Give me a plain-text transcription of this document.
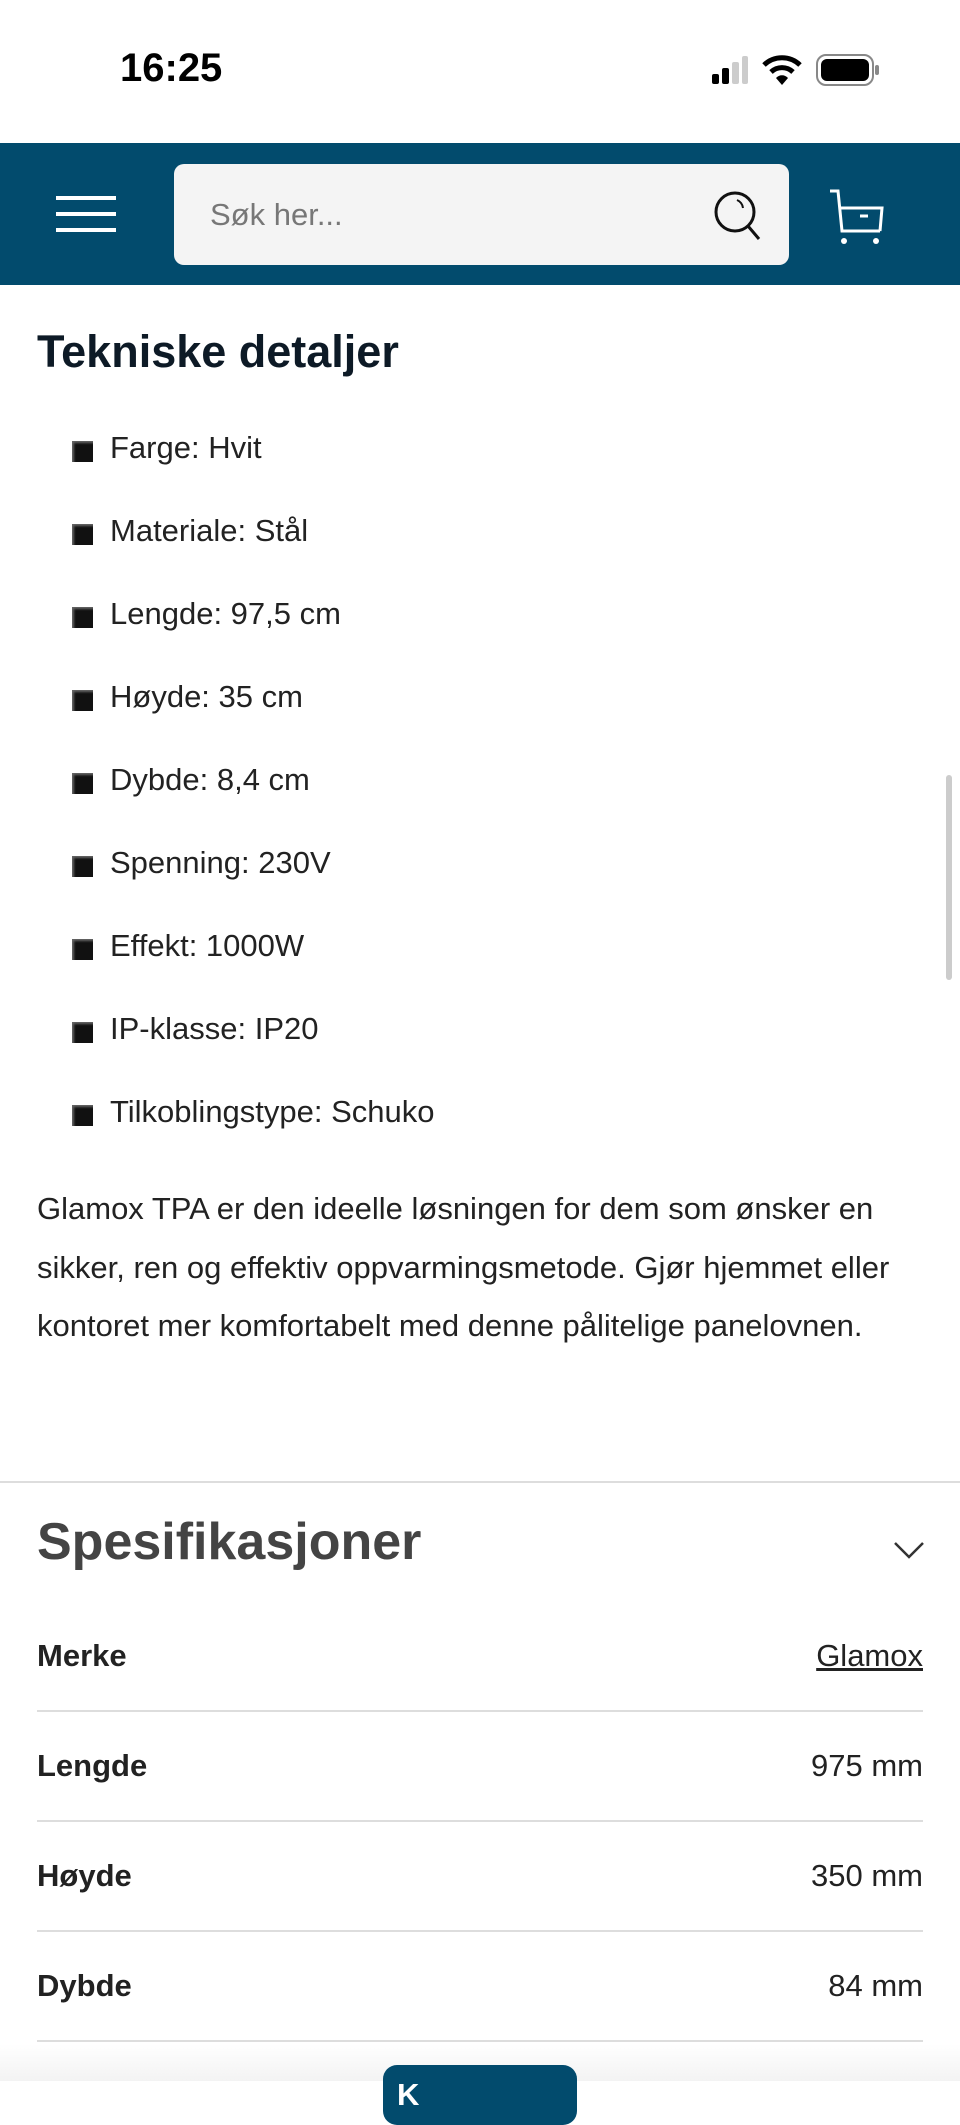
16:25
Søk her...
Tekniske detaljer
Farge: Hvit
Materiale: Stål
Lengde: 97,5 cm
Høyde: 35 cm
Dybde: 8,4 cm
Spenning: 230V
Effekt: 1000W
IP-klasse: IP20
Tilkoblingstype: Schuko

Glamox TPA er den ideelle løsningen for dem som ønsker en sikker, ren og effektiv oppvarmingsmetode. Gjør hjemmet eller kontoret mer komfortabelt med denne pålitelige panelovnen.

Spesifikasjoner
Merke	Glamox
Lengde	975 mm
Høyde	350 mm
Dybde	84 mm
K
